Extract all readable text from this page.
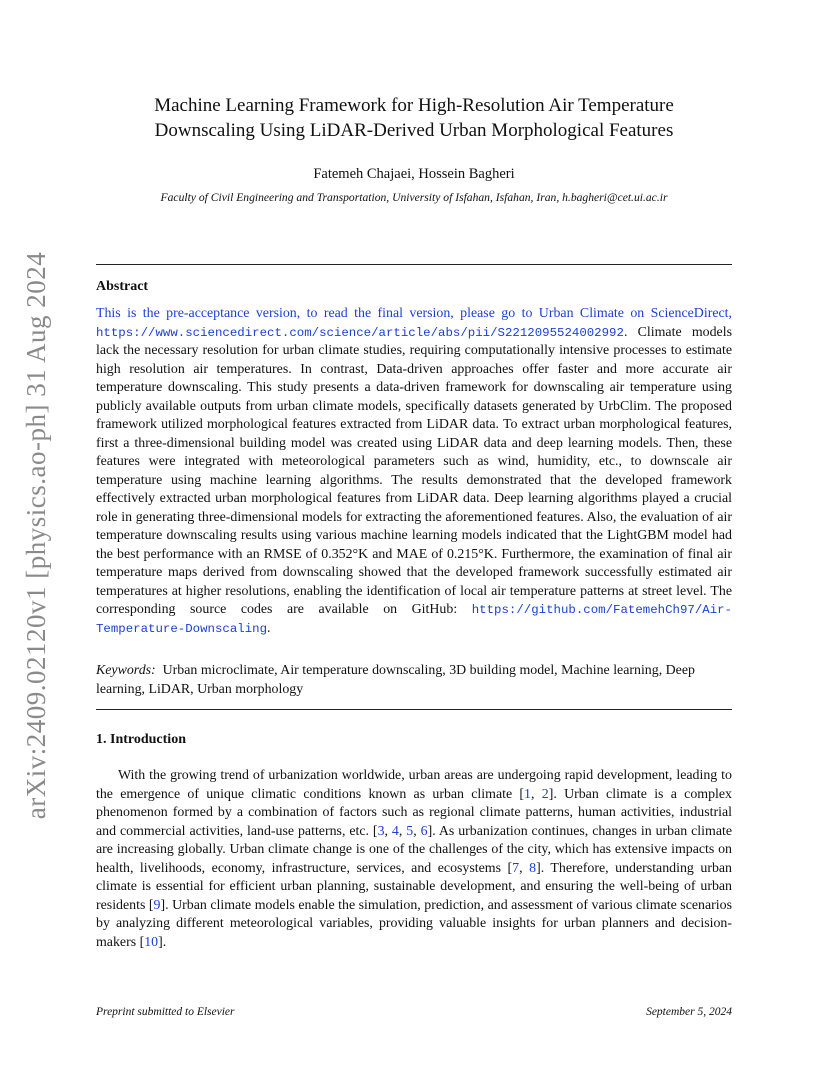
arXiv:2409.02120v1 [physics.ao-ph] 31 Aug 2024
Machine Learning Framework for High-Resolution Air Temperature
Downscaling Using LiDAR-Derived Urban Morphological Features
Fatemeh Chajaei, Hossein Bagheri
Faculty of Civil Engineering and Transportation, University of Isfahan, Isfahan, Iran, h.bagheri@cet.ui.ac.ir
Abstract

This is the pre-acceptance version, to read the final version, please go to Urban Climate on ScienceDirect, https://www.sciencedirect.com/science/article/abs/pii/S2212095524002992. Climate models lack the necessary resolution for urban climate studies, requiring computationally intensive processes to estimate high resolution air temperatures. In contrast, Data-driven approaches offer faster and more accurate air temperature downscaling. This study presents a data-driven framework for downscaling air temperature using publicly available outputs from urban climate models, specifically datasets generated by UrbClim. The proposed framework utilized morphological features extracted from LiDAR data. To extract urban morphological features, first a three-dimensional building model was created using LiDAR data and deep learning models. Then, these features were integrated with meteorological parameters such as wind, humidity, etc., to downscale air temperature using machine learning algorithms. The results demonstrated that the developed framework effectively extracted urban morphological features from LiDAR data. Deep learning algorithms played a crucial role in generating three-dimensional models for extracting the aforementioned features. Also, the evaluation of air temperature downscaling results using various machine learning models indicated that the LightGBM model had the best performance with an RMSE of 0.352°K and MAE of 0.215°K. Furthermore, the examination of final air temperature maps derived from downscaling showed that the developed framework successfully estimated air temperatures at higher resolutions, enabling the identification of local air temperature patterns at street level. The corresponding source codes are available on GitHub: https://github.com/FatemehCh97/Air-Temperature-Downscaling.

Keywords: Urban microclimate, Air temperature downscaling, 3D building model, Machine learning, Deep learning, LiDAR, Urban morphology

1. Introduction

With the growing trend of urbanization worldwide, urban areas are undergoing rapid development, leading to the emergence of unique climatic conditions known as urban climate [1, 2]. Urban climate is a complex phenomenon formed by a combination of factors such as regional climate patterns, human activities, industrial and commercial activities, land-use patterns, etc. [3, 4, 5, 6]. As urbanization continues, changes in urban climate are increasing globally. Urban climate change is one of the challenges of the city, which has extensive impacts on health, livelihoods, economy, infrastructure, services, and ecosystems [7, 8]. Therefore, understanding urban climate is essential for efficient urban planning, sustainable development, and ensuring the well-being of urban residents [9]. Urban climate models enable the simulation, prediction, and assessment of various climate scenarios by analyzing different meteorological variables, providing valuable insights for urban planners and decision-makers [10].

Preprint submitted to Elsevier	September 5, 2024
